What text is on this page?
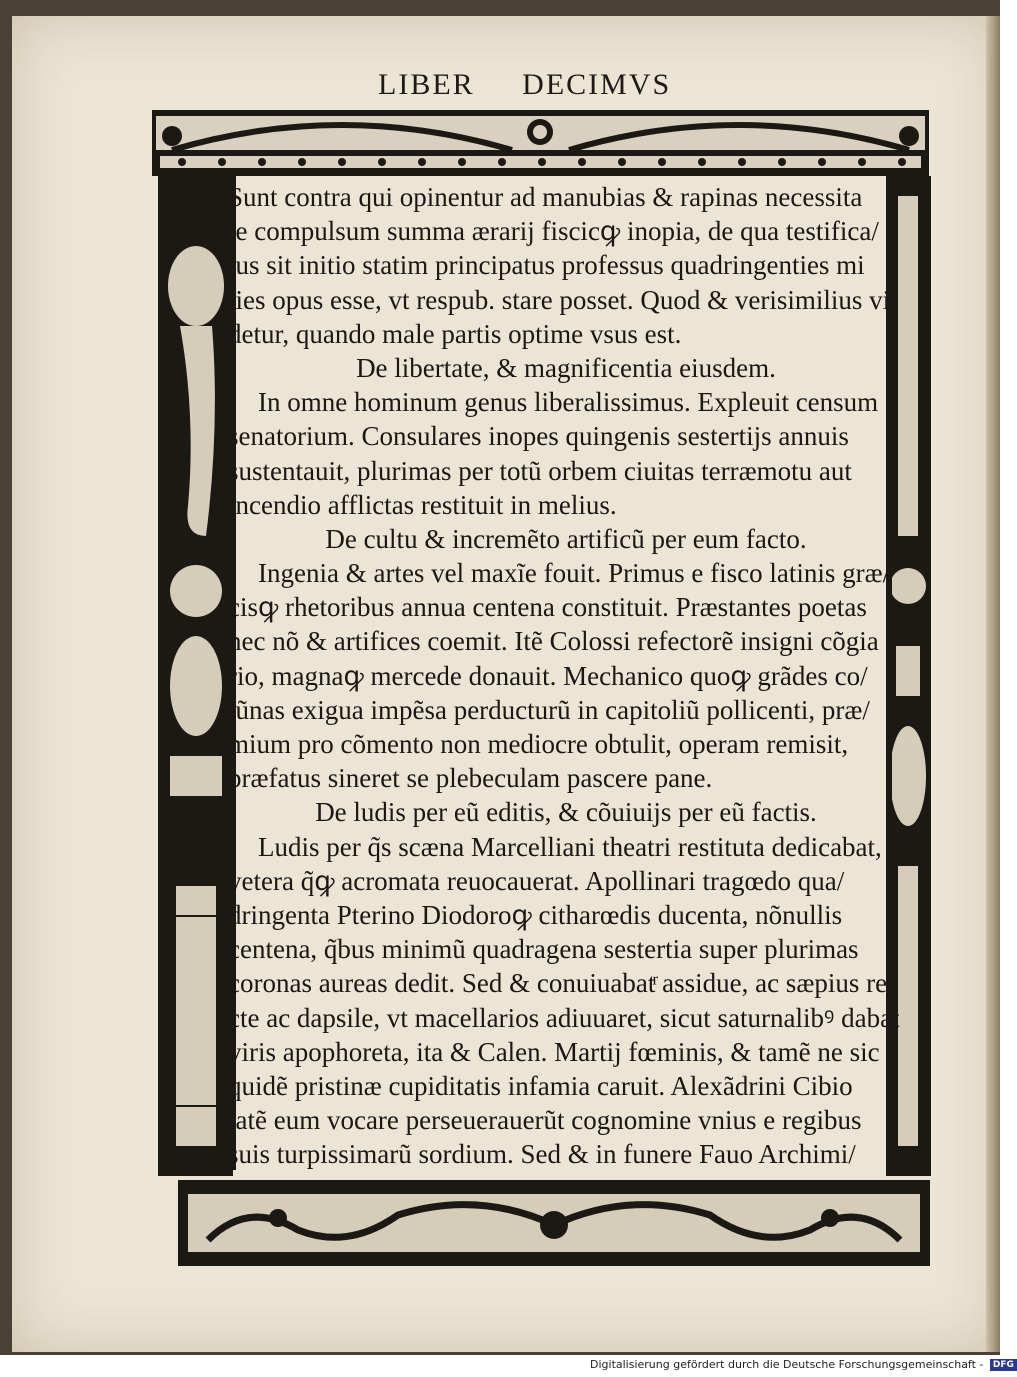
LIBER DECIMVS
Sunt contra qui opinentur ad manubias & rapinas necessita
te compulsum summa ærarij fiscicꝙ inopia, de qua testifica/
tus sit initio statim principatus professus quadringenties mi
lies opus esse, vt respub. stare posset. Quod & verisimilius vi/
detur, quando male partis optime vsus est.
De libertate, & magnificentia eiusdem.
In omne hominum genus liberalissimus. Expleuit censum
senatorium. Consulares inopes quingenis sestertijs annuis
sustentauit, plurimas per totũ orbem ciuitas terræmotu aut
incendio afflictas restituit in melius.
De cultu & incremẽto artificũ per eum facto.
Ingenia & artes vel maxĩe fouit. Primus e fisco latinis græ/
cisꝙ rhetoribus annua centena constituit. Præstantes poetas
nec nõ & artifices coemit. Itẽ Colossi refectorẽ insigni cõgia
rio, magnaꝙ mercede donauit. Mechanico quoꝙ grãdes co/
lũnas exigua impẽsa perducturũ in capitoliũ pollicenti, præ/
mium pro cõmento non mediocre obtulit, operam remisit,
præfatus sineret se plebeculam pascere pane.
De ludis per eũ editis, & cõuiuijs per eũ factis.
Ludis per q̃s scæna Marcelliani theatri restituta dedicabat,
vetera q̃ꝙ acromata reuocauerat. Apollinari tragœdo qua/
dringenta Pterino Diodoroꝙ citharœdis ducenta, nõnullis
centena, q̃bus minimũ quadragena sestertia super plurimas
coronas aureas dedit. Sed & conuiuabatͬ assidue, ac sæpius re
cte ac dapsile, vt macellarios adiuuaret, sicut saturnalibꝰ dabat
viris apophoreta, ita & Calen. Martij fœminis, & tamẽ ne sic
quidẽ pristinæ cupiditatis infamia caruit. Alexãdrini Cibio
tatẽ eum vocare perseuerauerũt cognomine vnius e regibus
suis turpissimarũ sordium. Sed & in funere Fauo Archimi/
Digitalisierung gefördert durch die Deutsche Forschungsgemeinschaft - DFG
